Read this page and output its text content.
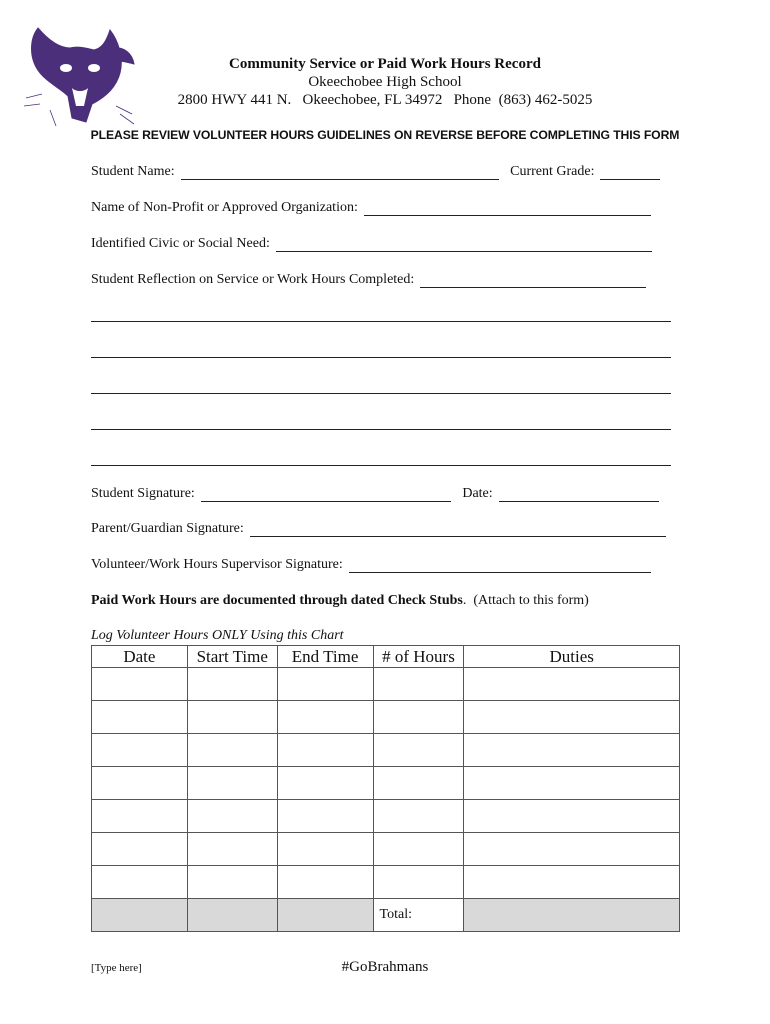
Community Service or Paid Work Hours Record
Okeechobee High School
2800 HWY 441 N.   Okeechobee, FL 34972   Phone  (863) 462-5025
PLEASE REVIEW VOLUNTEER HOURS GUIDELINES ON REVERSE BEFORE COMPLETING THIS FORM
Student Name:	Current Grade:
Name of Non-Profit or Approved Organization:
Identified Civic or Social Need:
Student Reflection on Service or Work Hours Completed:
Student Signature:	Date:
Parent/Guardian Signature:
Volunteer/Work Hours Supervisor Signature:
Paid Work Hours are documented through dated Check Stubs.  (Attach to this form)
Log Volunteer Hours ONLY Using this Chart
Date	Start Time	End Time	# of Hours	Duties

			Total:	
[Type here]	#GoBrahmans
